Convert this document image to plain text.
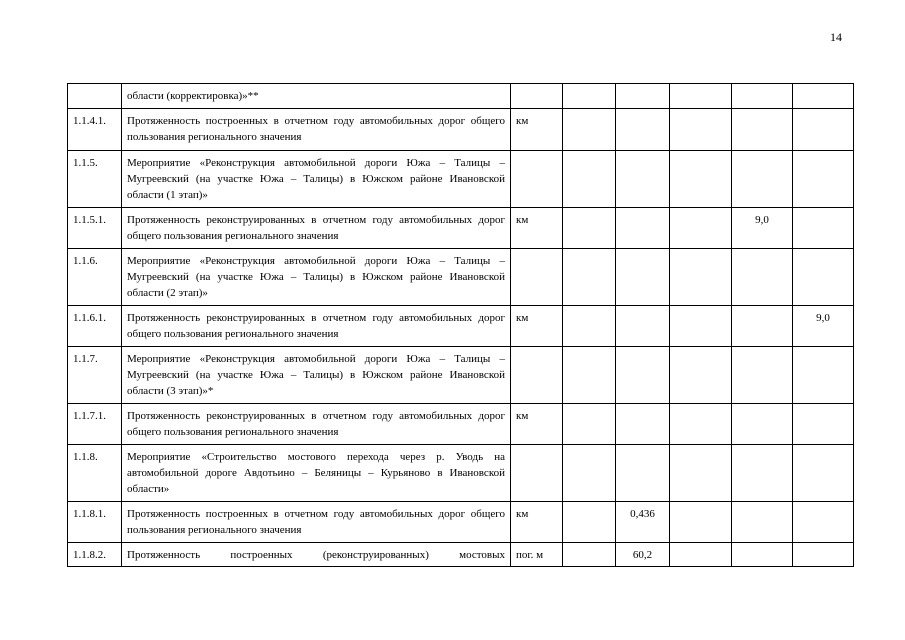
14
	области (корректировка)»**						
1.1.4.1.	Протяженность построенных в отчетном году автомобильных дорог общего пользования регионального значения	км					
1.1.5.	Мероприятие «Реконструкция автомобильной дороги Южа – Талицы – Мугреевский (на участке Южа – Талицы) в Южском районе Ивановской области (1 этап)»						
1.1.5.1.	Протяженность реконструированных в отчетном году автомобильных дорог общего пользования регионального значения	км				9,0	
1.1.6.	Мероприятие «Реконструкция автомобильной дороги Южа – Талицы – Мугреевский (на участке Южа – Талицы) в Южском районе Ивановской области (2 этап)»						
1.1.6.1.	Протяженность реконструированных в отчетном году автомобильных дорог общего пользования регионального значения	км					9,0
1.1.7.	Мероприятие «Реконструкция автомобильной дороги Южа – Талицы – Мугреевский (на участке Южа – Талицы) в Южском районе Ивановской области (3 этап)»*						
1.1.7.1.	Протяженность реконструированных в отчетном году автомобильных дорог общего пользования регионального значения	км					
1.1.8.	Мероприятие «Строительство мостового перехода через р. Уводь на автомобильной дороге Авдотьино – Беляницы – Курьяново в Ивановской области»						
1.1.8.1.	Протяженность построенных в отчетном году автомобильных дорог общего пользования регионального значения	км		0,436			
1.1.8.2.	Протяженность построенных (реконструированных) мостовых	пог. м		60,2			
